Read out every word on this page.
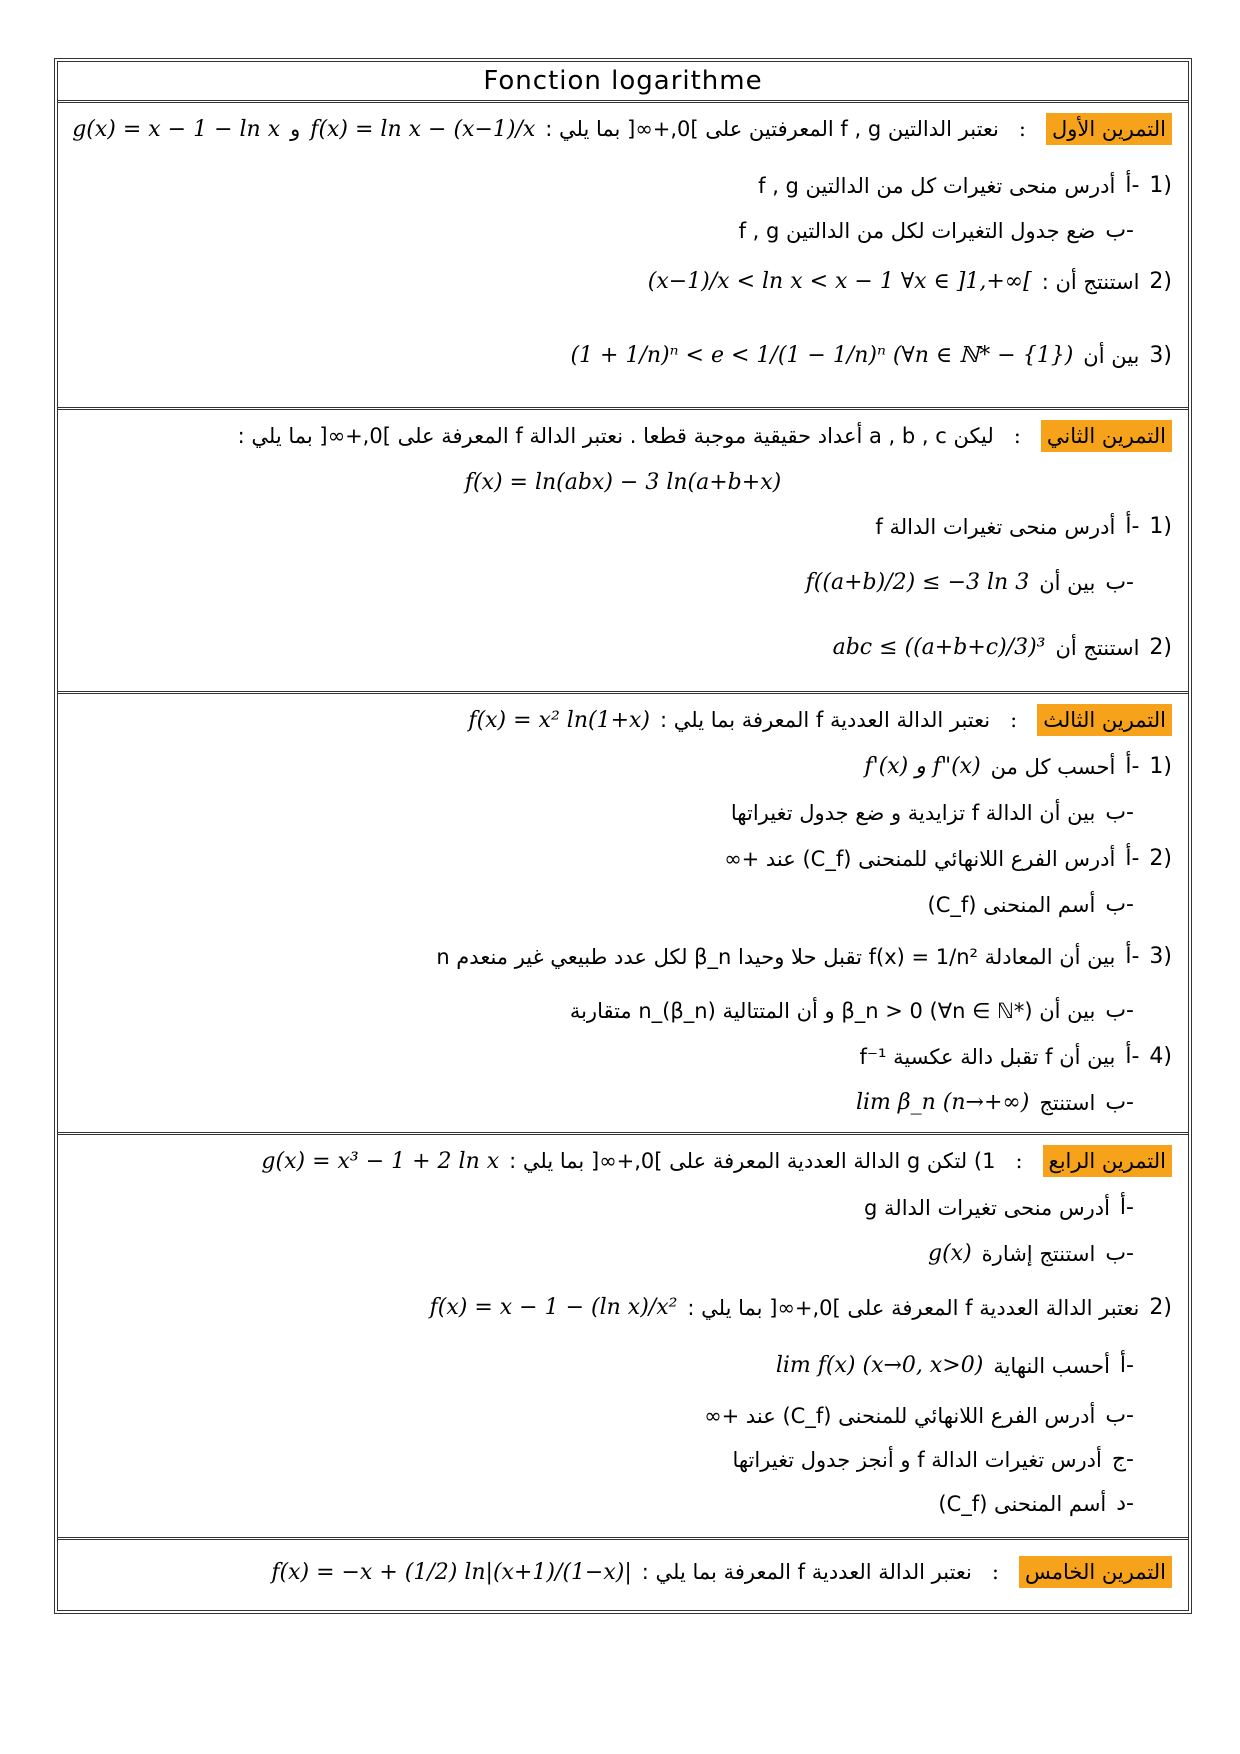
Fonction logarithme
g(x) = x − 1 − ln x و f(x) = ln x − (x−1)/x نعتبر الدالتين f , g المعرفتين على ]0,+∞[ بما يلي : : التمرين الأول
أدرس منحى تغيرات كل من الدالتين f , g أ- 1)
ضع جدول التغيرات لكل من الدالتين f , g ب-
(x−1)/x < ln x < x − 1 ∀x ∈ ]1,+∞[ استنتج أن : 2)
(1 + 1/n)ⁿ < e < 1/(1 − 1/n)ⁿ (∀n ∈ ℕ* − {1}) بين أن 3)
ليكن a , b , c أعداد حقيقية موجبة قطعا . نعتبر الدالة f المعرفة على ]0,+∞[ بما يلي : : التمرين الثاني
f(x) = ln(abx) − 3 ln(a+b+x)
أدرس منحى تغيرات الدالة f أ- 1)
f((a+b)/2) ≤ −3 ln 3 بين أن ب-
abc ≤ ((a+b+c)/3)³ استنتج أن 2)
f(x) = x² ln(1+x) نعتبر الدالة العددية f المعرفة بما يلي : : التمرين الثالث
f'(x) و f"(x) أحسب كل من أ- 1)
بين أن الدالة f تزايدية و ضع جدول تغيراتها ب-
أدرس الفرع اللانهائي للمنحنى (C_f) عند +∞ أ- 2)
أسم المنحنى (C_f) ب-
بين أن المعادلة f(x) = 1/n² تقبل حلا وحيدا β_n لكل عدد طبيعي غير منعدم n أ- 3)
بين أن β_n > 0 (∀n ∈ ℕ*) و أن المتتالية (β_n)_n متقاربة ب-
بين أن f تقبل دالة عكسية f⁻¹ أ- 4)
lim β_n (n→+∞) استنتج ب-
g(x) = x³ − 1 + 2 ln x 1) لتكن g الدالة العددية المعرفة على ]0,+∞[ بما يلي : : التمرين الرابع
أدرس منحى تغيرات الدالة g أ-
g(x) استنتج إشارة ب-
f(x) = x − 1 − (ln x)/x² نعتبر الدالة العددية f المعرفة على ]0,+∞[ بما يلي : 2)
lim f(x) (x→0, x>0) أحسب النهاية أ-
أدرس الفرع اللانهائي للمنحنى (C_f) عند +∞ ب-
أدرس تغيرات الدالة f و أنجز جدول تغيراتها ج-
أسم المنحنى (C_f) د-
f(x) = −x + (1/2) ln|(x+1)/(1−x)| نعتبر الدالة العددية f المعرفة بما يلي : : التمرين الخامس
